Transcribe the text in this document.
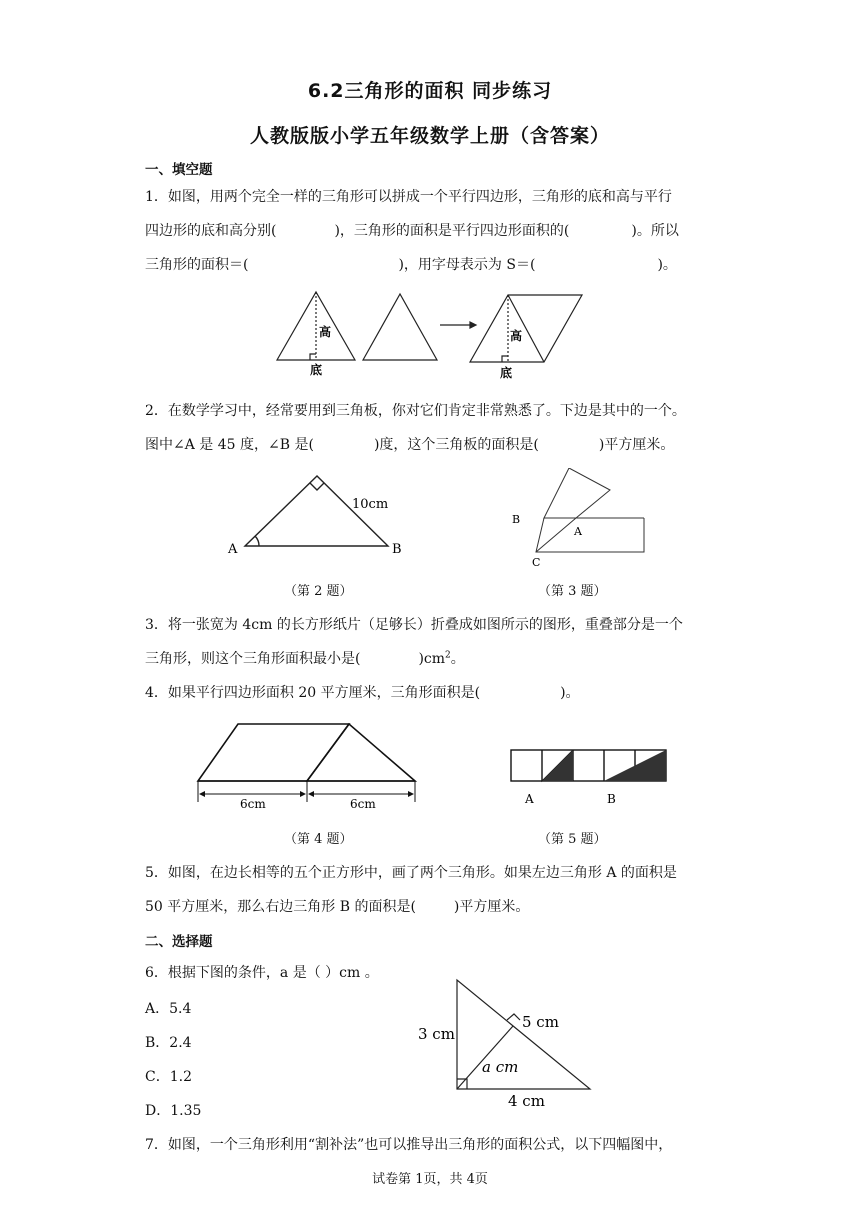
6.2三角形的面积 同步练习
人教版版小学五年级数学上册（含答案）
一、填空题
1．如图，用两个完全一样的三角形可以拼成一个平行四边形，三角形的底和高与平行
四边形的底和高分别(	)，三角形的面积是平行四边形面积的(	)。所以
三角形的面积＝(	)，用字母表示为 S＝(	)。
高
底
高
底
2．在数学学习中，经常要用到三角板，你对它们肯定非常熟悉了。下边是其中的一个。
图中∠A 是 45 度，∠B 是(	)度，这个三角板的面积是(	)平方厘米。
10cm
A	B
（第 2 题）
B
A
C
（第 3 题）
3．将一张宽为 4cm 的长方形纸片（足够长）折叠成如图所示的图形，重叠部分是一个
三角形，则这个三角形面积最小是(	)$cm^2$。
4．如果平行四边形面积 20 平方厘米，三角形面积是(	)。
6cm	6cm
（第 4 题）
A	B
（第 5 题）
5．如图，在边长相等的五个正方形中，画了两个三角形。如果左边三角形 A 的面积是
50 平方厘米，那么右边三角形 B 的面积是(	)平方厘米。
二、选择题
6．根据下图的条件，a 是（ ）cm 。
A．5.4
B．2.4
C．1.2
D．1.35
3 cm
5 cm
a cm
4 cm
7．如图，一个三角形利用“割补法”也可以推导出三角形的面积公式，以下四幅图中，
试卷第 1页，共 4页
